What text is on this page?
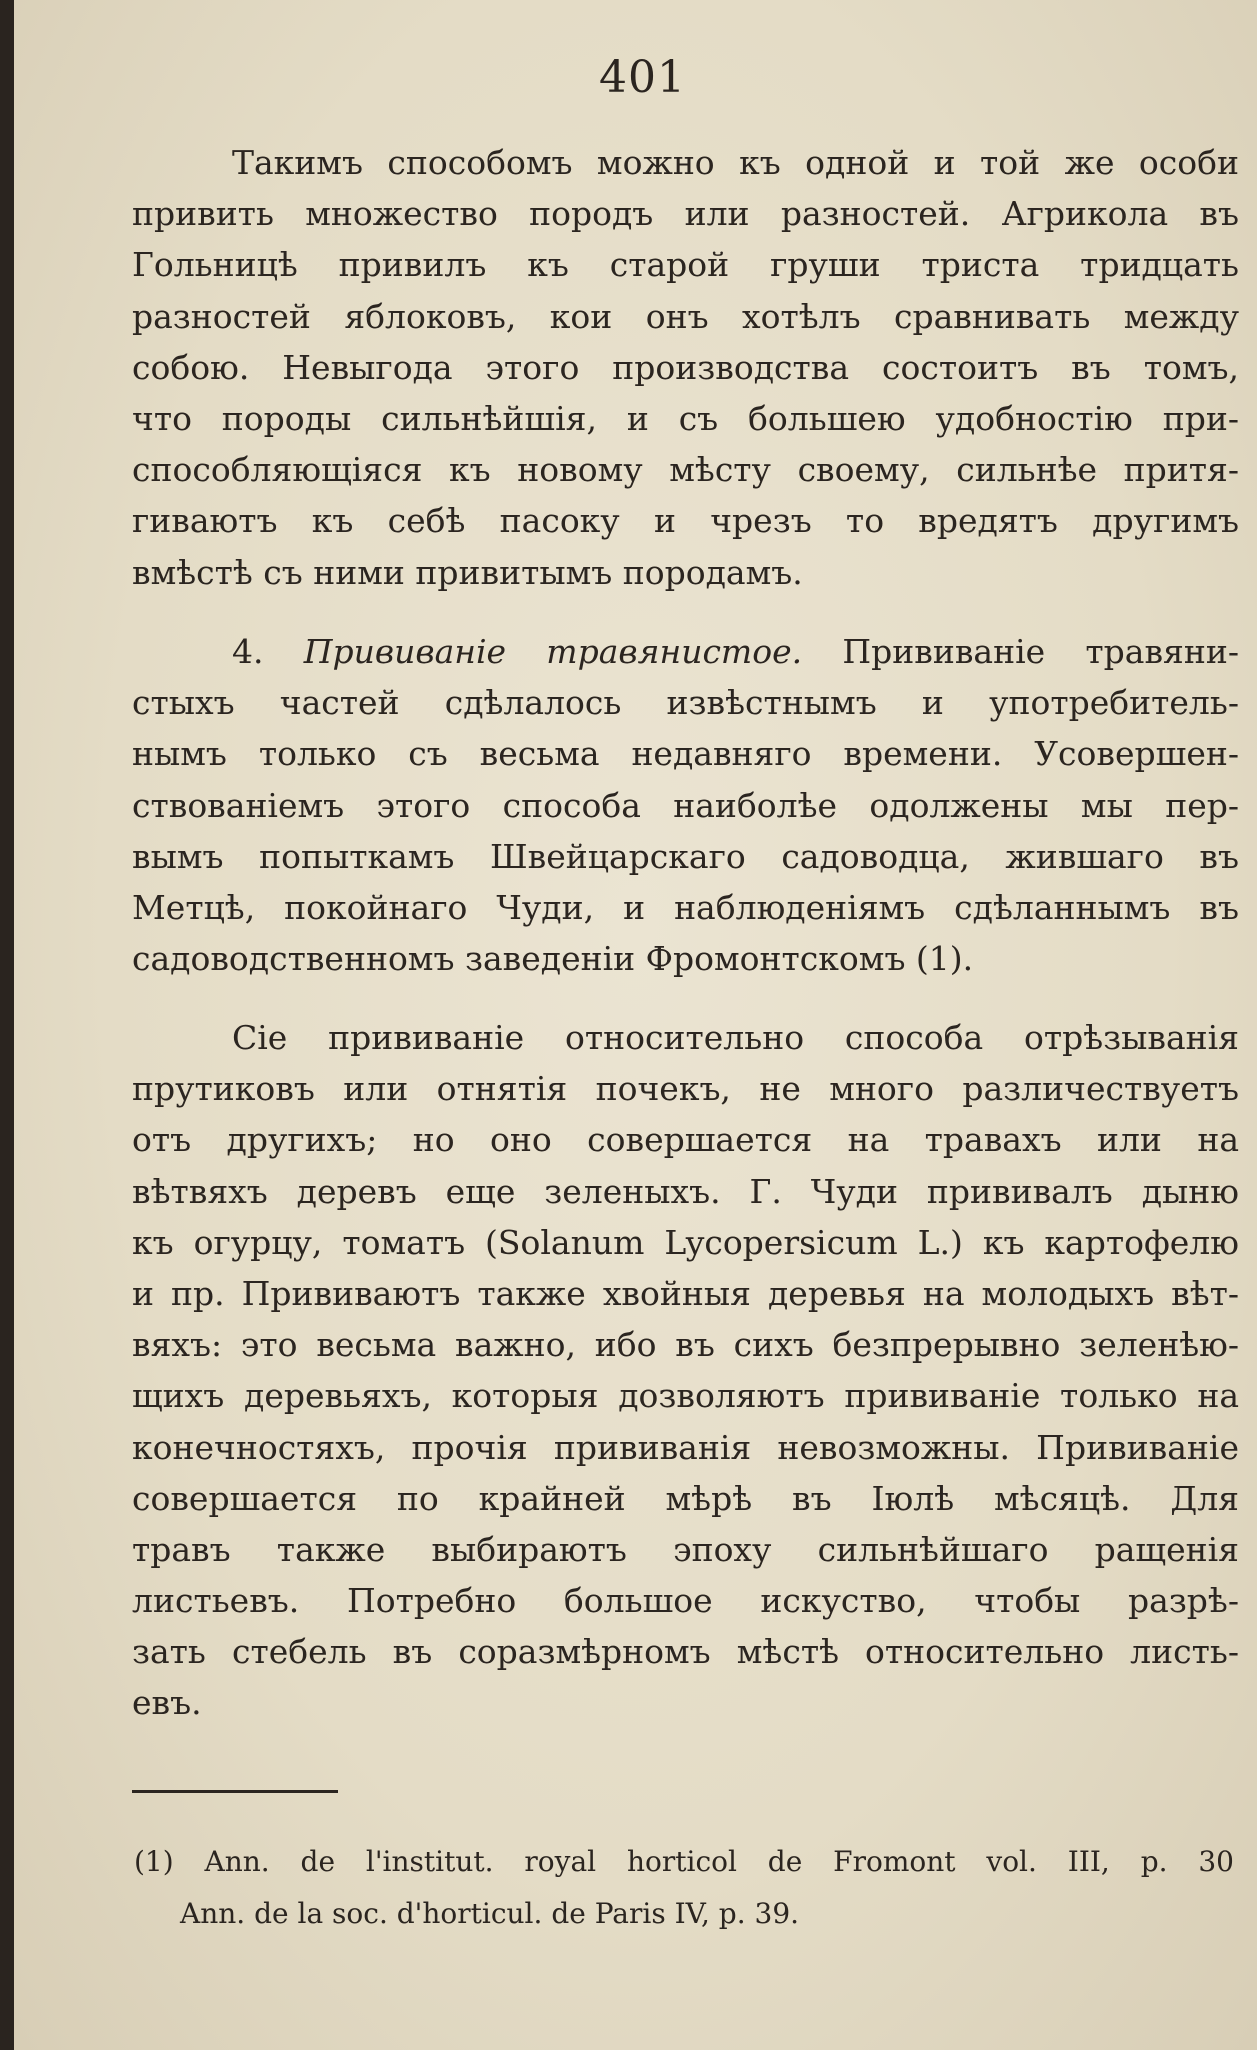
401
Такимъ способомъ можно къ одной и той же особи
привить множество породъ или разностей. Агрикола въ
Гольницѣ привилъ къ старой груши триста тридцать
разностей яблоковъ, кои онъ хотѣлъ сравнивать между
собою. Невыгода этого производства состоитъ въ томъ,
что породы сильнѣйшія, и съ большею удобностію при-
способляющіяся къ новому мѣсту своему, сильнѣе притя-
гиваютъ къ себѣ пасоку и чрезъ то вредятъ другимъ
вмѣстѣ съ ними привитымъ породамъ.
4. Прививаніе травянистое. Прививаніе травяни-
стыхъ частей сдѣлалось извѣстнымъ и употребитель-
нымъ только съ весьма недавняго времени. Усовершен-
ствованіемъ этого способа наиболѣе одолжены мы пер-
вымъ попыткамъ Швейцарскаго садоводца, жившаго въ
Метцѣ, покойнаго Чуди, и наблюденіямъ сдѣланнымъ въ
садоводственномъ заведеніи Фромонтскомъ (1).
Сіе прививаніе относительно способа отрѣзыванія
прутиковъ или отнятія почекъ, не много различествуетъ
отъ другихъ; но оно совершается на травахъ или на
вѣтвяхъ деревъ еще зеленыхъ. Г. Чуди прививалъ дыню
къ огурцу, томатъ (Solanum Lycopersicum L.) къ картофелю
и пр. Прививаютъ также хвойныя деревья на молодыхъ вѣт-
вяхъ: это весьма важно, ибо въ сихъ безпрерывно зеленѣю-
щихъ деревьяхъ, которыя дозволяютъ прививаніе только на
конечностяхъ, прочія прививанія невозможны. Прививаніе
совершается по крайней мѣрѣ въ Іюлѣ мѣсяцѣ. Для
травъ также выбираютъ эпоху сильнѣйшаго ращенія
листьевъ. Потребно большое искуство, чтобы разрѣ-
зать стебель въ соразмѣрномъ мѣстѣ относительно листь-
евъ.
(1) Ann. de l'institut. royal horticol de Fromont vol. III, p. 30
Ann. de la soc. d'horticul. de Paris IV, p. 39.
